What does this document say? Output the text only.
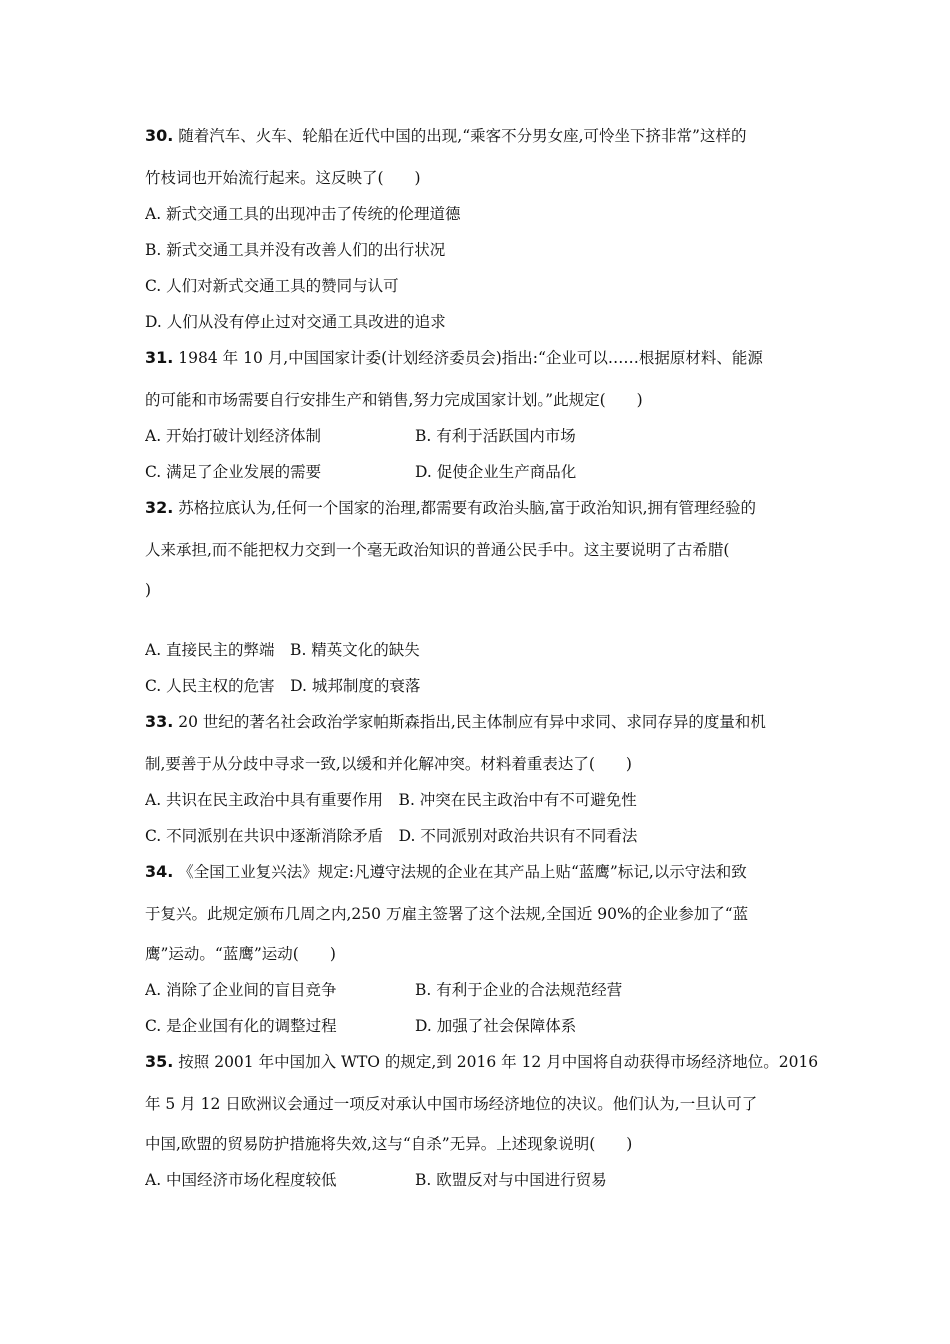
30. 随着汽车、火车、轮船在近代中国的出现,“乘客不分男女座,可怜坐下挤非常”这样的
竹枝词也开始流行起来。这反映了(　　)
A. 新式交通工具的出现冲击了传统的伦理道德
B. 新式交通工具并没有改善人们的出行状况
C. 人们对新式交通工具的赞同与认可
D. 人们从没有停止过对交通工具改进的追求
31. 1984 年 10 月,中国国家计委(计划经济委员会)指出:“企业可以……根据原材料、能源
的可能和市场需要自行安排生产和销售,努力完成国家计划。”此规定(　　)
A. 开始打破计划经济体制	B. 有利于活跃国内市场
C. 满足了企业发展的需要	D. 促使企业生产商品化
32. 苏格拉底认为,任何一个国家的治理,都需要有政治头脑,富于政治知识,拥有管理经验的
人来承担,而不能把权力交到一个毫无政治知识的普通公民手中。这主要说明了古希腊(
)
A. 直接民主的弊端　B. 精英文化的缺失
C. 人民主权的危害　D. 城邦制度的衰落
33. 20 世纪的著名社会政治学家帕斯森指出,民主体制应有异中求同、求同存异的度量和机
制,要善于从分歧中寻求一致,以缓和并化解冲突。材料着重表达了(　　)
A. 共识在民主政治中具有重要作用　B. 冲突在民主政治中有不可避免性
C. 不同派别在共识中逐渐消除矛盾　D. 不同派别对政治共识有不同看法
34. 《全国工业复兴法》规定:凡遵守法规的企业在其产品上贴“蓝鹰”标记,以示守法和致
于复兴。此规定颁布几周之内,250 万雇主签署了这个法规,全国近 90%的企业参加了“蓝
鹰”运动。“蓝鹰”运动(　　)
A. 消除了企业间的盲目竞争	B. 有利于企业的合法规范经营
C. 是企业国有化的调整过程	D. 加强了社会保障体系
35. 按照 2001 年中国加入 WTO 的规定,到 2016 年 12 月中国将自动获得市场经济地位。2016
年 5 月 12 日欧洲议会通过一项反对承认中国市场经济地位的决议。他们认为,一旦认可了
中国,欧盟的贸易防护措施将失效,这与“自杀”无异。上述现象说明(　　)
A. 中国经济市场化程度较低	B. 欧盟反对与中国进行贸易
